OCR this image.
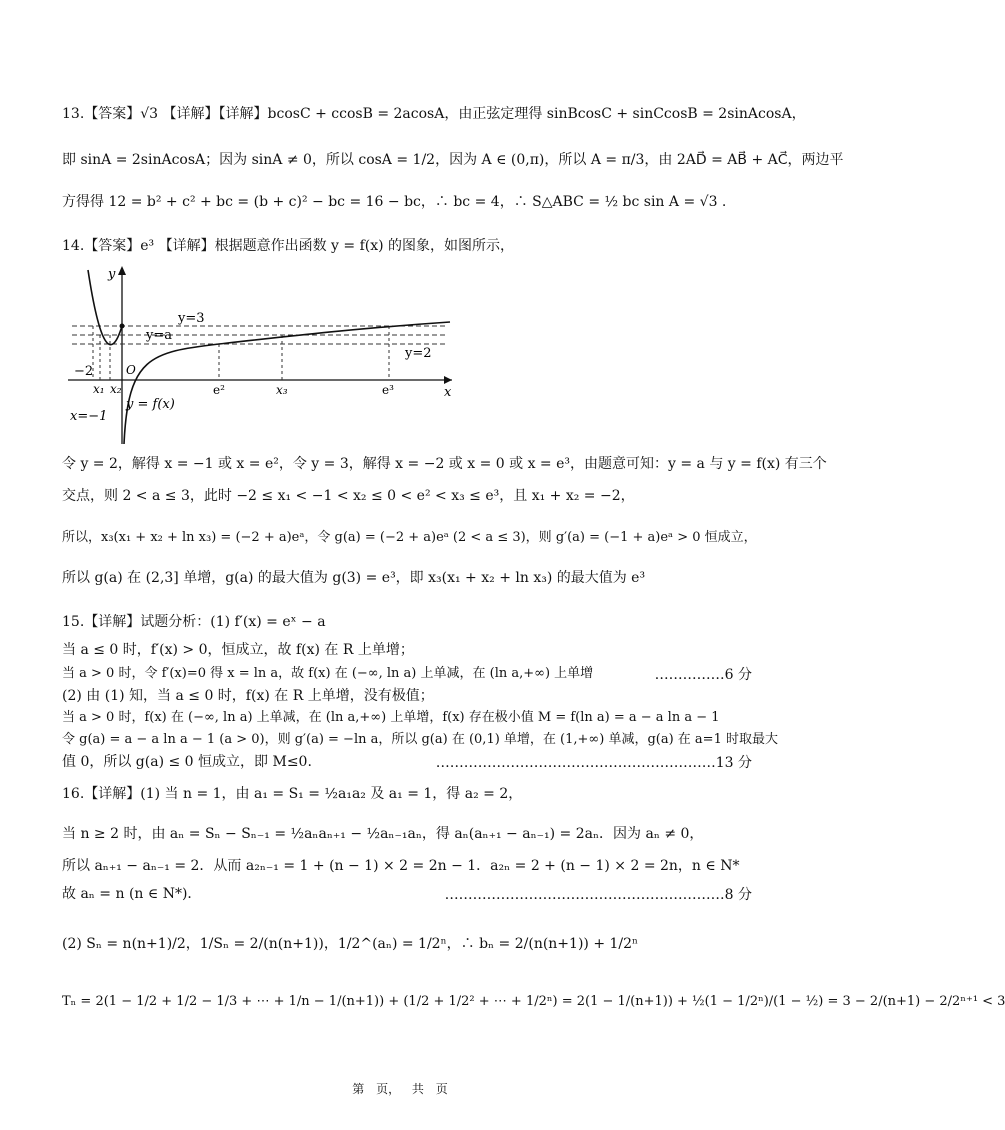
13.【答案】√3 【详解】【详解】bcosC + ccosB = 2acosA，由正弦定理得 sinBcosC + sinCcosB = 2sinAcosA，
即 sinA = 2sinAcosA；因为 sinA ≠ 0，所以 cosA = 1/2，因为 A ∈ (0,π)，所以 A = π/3，由 2AD⃗ = AB⃗ + AC⃗，两边平
方得得 12 = b² + c² + bc = (b + c)² − bc = 16 − bc，∴ bc = 4，∴ S△ABC = ½ bc sin A = √3 .
14.【答案】e³ 【详解】根据题意作出函数 y = f(x) 的图象，如图所示，
y
x
O
y=3
y=a
y=2
−2
x₁ x₂	e²	x₃	e³
y = f(x)
x=−1
令 y = 2，解得 x = −1 或 x = e²，令 y = 3，解得 x = −2 或 x = 0 或 x = e³，由题意可知：y = a 与 y = f(x) 有三个
交点，则 2 < a ≤ 3，此时 −2 ≤ x₁ < −1 < x₂ ≤ 0 < e² < x₃ ≤ e³，且 x₁ + x₂ = −2，
所以，x₃(x₁ + x₂ + ln x₃) = (−2 + a)eᵃ，令 g(a) = (−2 + a)eᵃ (2 < a ≤ 3)，则 g′(a) = (−1 + a)eᵃ > 0 恒成立，
所以 g(a) 在 (2,3] 单增，g(a) 的最大值为 g(3) = e³，即 x₃(x₁ + x₂ + ln x₃) 的最大值为 e³
15.【详解】试题分析：(1) f′(x) = eˣ − a
当 a ≤ 0 时，f′(x) > 0，恒成立，故 f(x) 在 R 上单增；
当 a > 0 时，令 f′(x)=0 得 x = ln a，故 f(x) 在 (−∞, ln a) 上单减，在 (ln a,+∞) 上单增	……………6 分
(2) 由 (1) 知，当 a ≤ 0 时，f(x) 在 R 上单增，没有极值；
当 a > 0 时，f(x) 在 (−∞, ln a) 上单减，在 (ln a,+∞) 上单增，f(x) 存在极小值 M = f(ln a) = a − a ln a − 1
令 g(a) = a − a ln a − 1 (a > 0)，则 g′(a) = −ln a，所以 g(a) 在 (0,1) 单增，在 (1,+∞) 单减，g(a) 在 a=1 时取最大
值 0，所以 g(a) ≤ 0 恒成立，即 M≤0.	……………………………………………………13 分
16.【详解】(1) 当 n = 1，由 a₁ = S₁ = ½a₁a₂ 及 a₁ = 1，得 a₂ = 2，
当 n ≥ 2 时，由 aₙ = Sₙ − Sₙ₋₁ = ½aₙaₙ₊₁ − ½aₙ₋₁aₙ，得 aₙ(aₙ₊₁ − aₙ₋₁) = 2aₙ．因为 aₙ ≠ 0，
所以 aₙ₊₁ − aₙ₋₁ = 2．从而 a₂ₙ₋₁ = 1 + (n − 1) × 2 = 2n − 1．a₂ₙ = 2 + (n − 1) × 2 = 2n，n ∈ N*
故 aₙ = n (n ∈ N*)．	……………………………………………………8 分
(2) Sₙ = n(n+1)/2，1/Sₙ = 2/(n(n+1))，1/2^(aₙ) = 1/2ⁿ，∴ bₙ = 2/(n(n+1)) + 1/2ⁿ
Tₙ = 2(1 − 1/2 + 1/2 − 1/3 + ⋯ + 1/n − 1/(n+1)) + (1/2 + 1/2² + ⋯ + 1/2ⁿ) = 2(1 − 1/(n+1)) + ½(1 − 1/2ⁿ)/(1 − ½) = 3 − 2/(n+1) − 2/2ⁿ⁺¹ < 3
第 页， 共 页
